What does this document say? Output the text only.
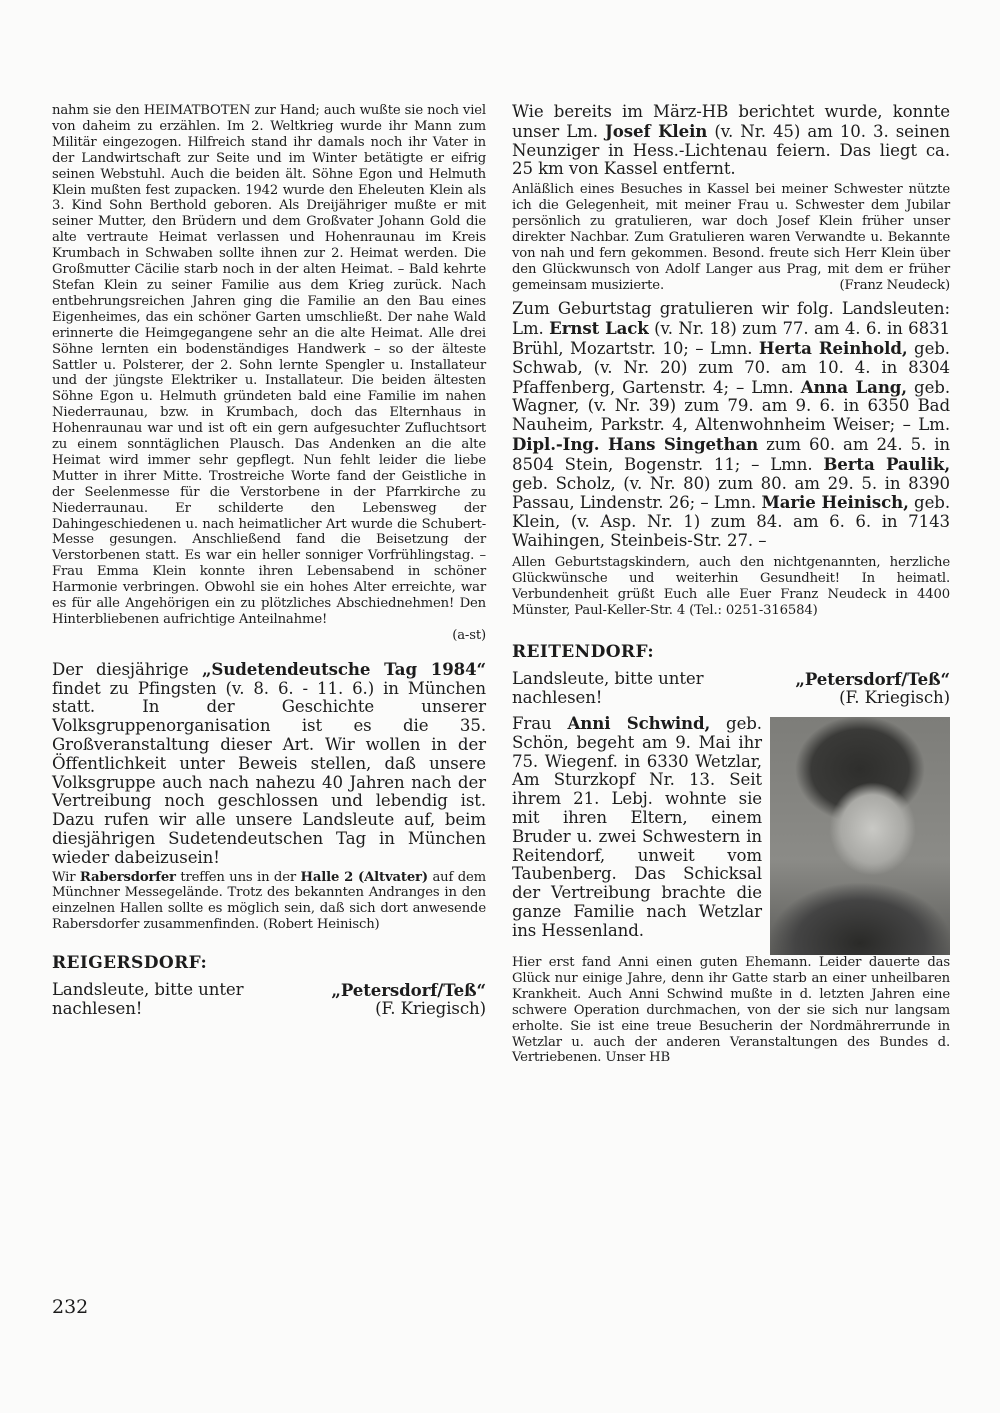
nahm sie den HEIMATBOTEN zur Hand; auch wußte sie noch viel von daheim zu erzählen. Im 2. Weltkrieg wurde ihr Mann zum Militär eingezogen. Hilfreich stand ihr damals noch ihr Vater in der Landwirtschaft zur Seite und im Winter betätigte er eifrig seinen Webstuhl. Auch die beiden ält. Söhne Egon und Helmuth Klein mußten fest zupacken. 1942 wurde den Eheleuten Klein als 3. Kind Sohn Berthold geboren. Als Dreijähriger mußte er mit seiner Mutter, den Brüdern und dem Großvater Johann Gold die alte vertraute Heimat verlassen und Hohenraunau im Kreis Krumbach in Schwaben sollte ihnen zur 2. Heimat werden. Die Großmutter Cäcilie starb noch in der alten Heimat. – Bald kehrte Stefan Klein zu seiner Familie aus dem Krieg zurück. Nach entbehrungsreichen Jahren ging die Familie an den Bau eines Eigenheimes, das ein schöner Garten umschließt. Der nahe Wald erinnerte die Heimgegangene sehr an die alte Heimat. Alle drei Söhne lernten ein bodenständiges Handwerk – so der älteste Sattler u. Polsterer, der 2. Sohn lernte Spengler u. Installateur und der jüngste Elektriker u. Installateur. Die beiden ältesten Söhne Egon u. Helmuth gründeten bald eine Familie im nahen Niederraunau, bzw. in Krumbach, doch das Elternhaus in Hohenraunau war und ist oft ein gern aufgesuchter Zufluchtsort zu einem sonntäglichen Plausch. Das Andenken an die alte Heimat wird immer sehr gepflegt. Nun fehlt leider die liebe Mutter in ihrer Mitte. Trostreiche Worte fand der Geistliche in der Seelenmesse für die Verstorbene in der Pfarrkirche zu Niederraunau. Er schilderte den Lebensweg der Dahingeschiedenen u. nach heimatlicher Art wurde die Schubert-Messe gesungen. Anschließend fand die Beisetzung der Verstorbenen statt. Es war ein heller sonniger Vorfrühlingstag. – Frau Emma Klein konnte ihren Lebensabend in schöner Harmonie verbringen. Obwohl sie ein hohes Alter erreichte, war es für alle Angehörigen ein zu plötzliches Abschiednehmen! Den Hinterbliebenen aufrichtige Anteilnahme!
(a-st)

Der diesjährige „Sudetendeutsche Tag 1984“ findet zu Pfingsten (v. 8. 6. - 11. 6.) in München statt. In der Geschichte unserer Volksgruppenorganisation ist es die 35. Großveranstaltung dieser Art. Wir wollen in der Öffentlichkeit unter Beweis stellen, daß unsere Volksgruppe auch nach nahezu 40 Jahren nach der Vertreibung noch geschlossen und lebendig ist. Dazu rufen wir alle unsere Landsleute auf, beim diesjährigen Sudetendeutschen Tag in München wieder dabeizusein!

Wir Rabersdorfer treffen uns in der Halle 2 (Altvater) auf dem Münchner Messegelände. Trotz des bekannten Andranges in den einzelnen Hallen sollte es möglich sein, daß sich dort anwesende Rabersdorfer zusammenfinden. (Robert Heinisch)

REIGERSDORF:
Landsleute, bitte unter	„Petersdorf/Teß“
nachlesen!	(F. Kriegisch)

Wie bereits im März-HB berichtet wurde, konnte unser Lm. Josef Klein (v. Nr. 45) am 10. 3. seinen Neunziger in Hess.-Lichtenau feiern. Das liegt ca. 25 km von Kassel entfernt.

Anläßlich eines Besuches in Kassel bei meiner Schwester nützte ich die Gelegenheit, mit meiner Frau u. Schwester dem Jubilar persönlich zu gratulieren, war doch Josef Klein früher unser direkter Nachbar. Zum Gratulieren waren Verwandte u. Bekannte von nah und fern gekommen. Besond. freute sich Herr Klein über den Glückwunsch von Adolf Langer aus Prag, mit dem er früher gemeinsam musizierte.	(Franz Neudeck)

Zum Geburtstag gratulieren wir folg. Landsleuten: Lm. Ernst Lack (v. Nr. 18) zum 77. am 4. 6. in 6831 Brühl, Mozartstr. 10; – Lmn. Herta Reinhold, geb. Schwab, (v. Nr. 20) zum 70. am 10. 4. in 8304 Pfaffenberg, Gartenstr. 4; – Lmn. Anna Lang, geb. Wagner, (v. Nr. 39) zum 79. am 9. 6. in 6350 Bad Nauheim, Parkstr. 4, Altenwohnheim Weiser; – Lm. Dipl.-Ing. Hans Singethan zum 60. am 24. 5. in 8504 Stein, Bogenstr. 11; – Lmn. Berta Paulik, geb. Scholz, (v. Nr. 80) zum 80. am 29. 5. in 8390 Passau, Lindenstr. 26; – Lmn. Marie Heinisch, geb. Klein, (v. Asp. Nr. 1) zum 84. am 6. 6. in 7143 Waihingen, Steinbeis-Str. 27. –

Allen Geburtstagskindern, auch den nichtgenannten, herzliche Glückwünsche und weiterhin Gesundheit! In heimatl. Verbundenheit grüßt Euch alle Euer Franz Neudeck in 4400 Münster, Paul-Keller-Str. 4 (Tel.: 0251-316584)

REITENDORF:
Landsleute, bitte unter	„Petersdorf/Teß“
nachlesen!	(F. Kriegisch)

Frau Anni Schwind, geb. Schön, begeht am 9. Mai ihr 75. Wiegenf. in 6330 Wetzlar, Am Sturzkopf Nr. 13. Seit ihrem 21. Lebj. wohnte sie mit ihren Eltern, einem Bruder u. zwei Schwestern in Reitendorf, unweit vom Taubenberg. Das Schicksal der Vertreibung brachte die ganze Familie nach Wetzlar ins Hessenland.

Hier erst fand Anni einen guten Ehemann. Leider dauerte das Glück nur einige Jahre, denn ihr Gatte starb an einer unheilbaren Krankheit. Auch Anni Schwind mußte in d. letzten Jahren eine schwere Operation durchmachen, von der sie sich nur langsam erholte. Sie ist eine treue Besucherin der Nordmährerrunde in Wetzlar u. auch der anderen Veranstaltungen des Bundes d. Vertriebenen. Unser HB

232
